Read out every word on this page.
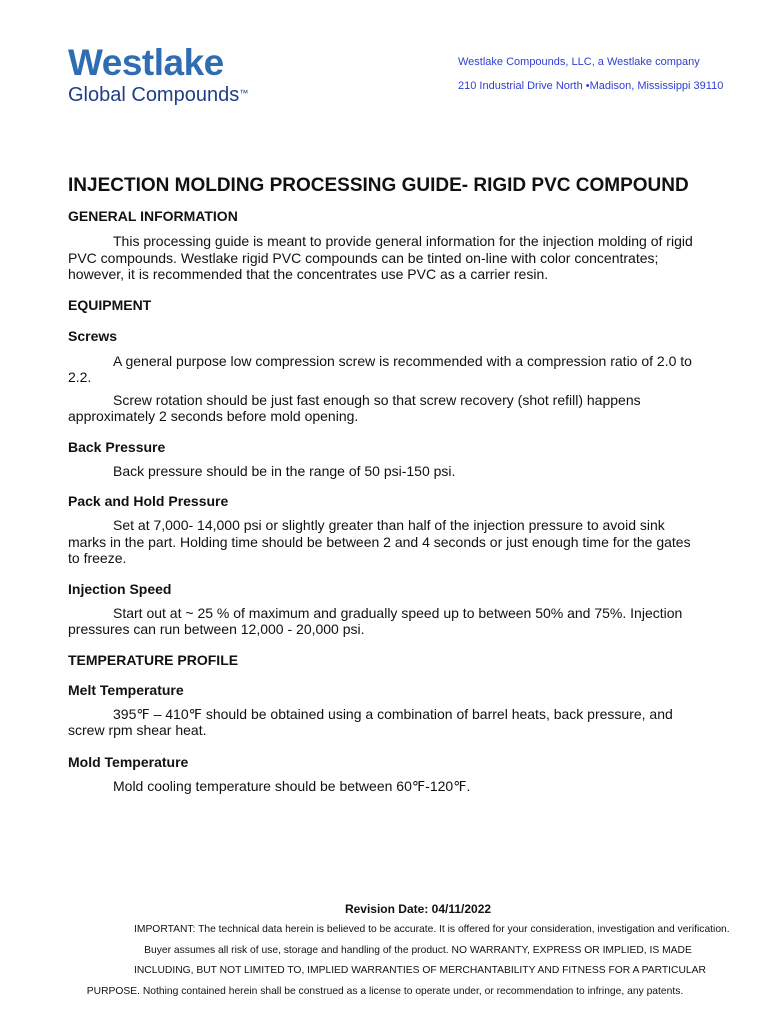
Westlake
Global Compounds™
Westlake Compounds, LLC, a Westlake company
210 Industrial Drive North •Madison, Mississippi 39110
INJECTION MOLDING PROCESSING GUIDE- RIGID PVC COMPOUND

GENERAL INFORMATION

This processing guide is meant to provide general information for the injection molding of rigid PVC compounds. Westlake rigid PVC compounds can be tinted on-line with color concentrates; however, it is recommended that the concentrates use PVC as a carrier resin.

EQUIPMENT

Screws

A general purpose low compression screw is recommended with a compression ratio of 2.0 to 2.2.

Screw rotation should be just fast enough so that screw recovery (shot refill) happens approximately 2 seconds before mold opening.

Back Pressure

Back pressure should be in the range of 50 psi-150 psi.

Pack and Hold Pressure

Set at 7,000- 14,000 psi or slightly greater than half of the injection pressure to avoid sink marks in the part. Holding time should be between 2 and 4 seconds or just enough time for the gates to freeze.

Injection Speed

Start out at ~ 25 % of maximum and gradually speed up to between 50% and 75%. Injection pressures can run between 12,000 - 20,000 psi.

TEMPERATURE PROFILE

Melt Temperature

395℉ – 410℉ should be obtained using a combination of barrel heats, back pressure, and screw rpm shear heat.

Mold Temperature

Mold cooling temperature should be between 60℉-120℉.

Revision Date: 04/11/2022

IMPORTANT: The technical data herein is believed to be accurate. It is offered for your consideration, investigation and verification.

Buyer assumes all risk of use, storage and handling of the product. NO WARRANTY, EXPRESS OR IMPLIED, IS MADE

INCLUDING, BUT NOT LIMITED TO, IMPLIED WARRANTIES OF MERCHANTABILITY AND FITNESS FOR A PARTICULAR

PURPOSE. Nothing contained herein shall be construed as a license to operate under, or recommendation to infringe, any patents.
